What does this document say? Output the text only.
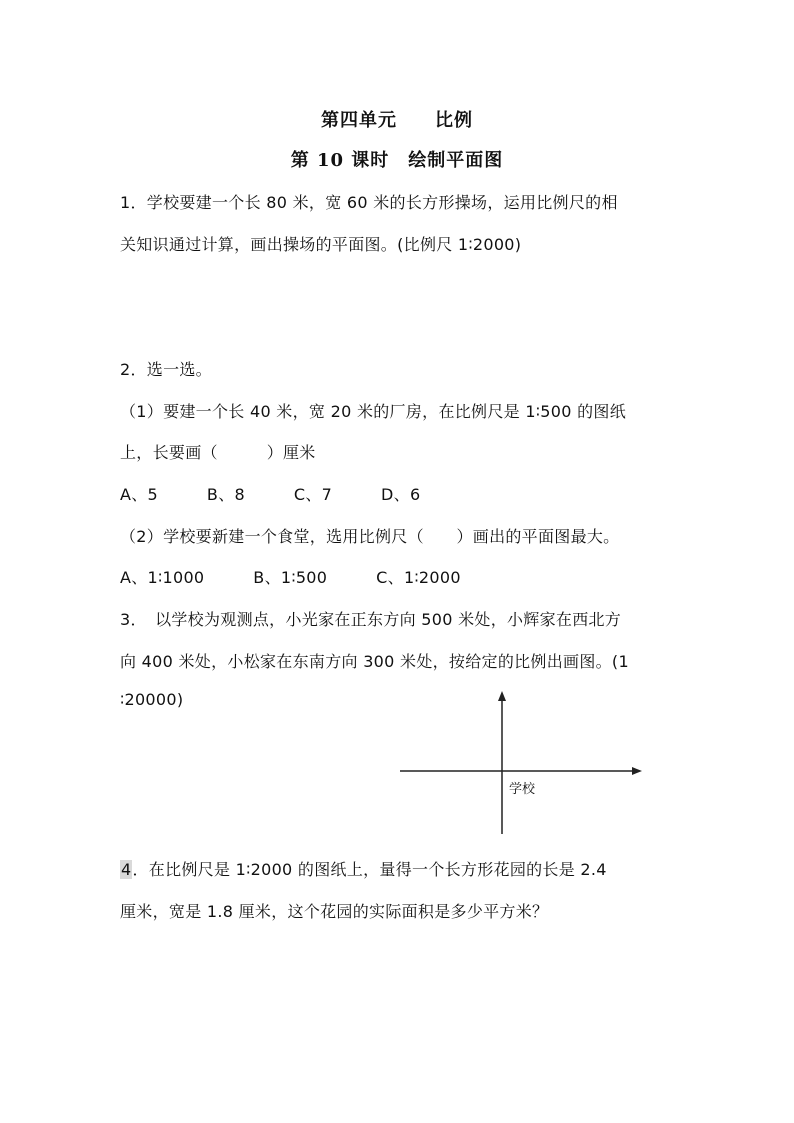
第四单元　　比例
第 10 课时　绘制平面图
1．学校要建一个长 80 米，宽 60 米的长方形操场，运用比例尺的相
关知识通过计算，画出操场的平面图。(比例尺 1∶2000)
2．选一选。
（1）要建一个长 40 米，宽 20 米的厂房，在比例尺是 1∶500 的图纸
上，长要画（　　　）厘米
A、5　　　B、8　　　C、7　　　D、6
（2）学校要新建一个食堂，选用比例尺（　　）画出的平面图最大。
A、1∶1000　　　B、1∶500　　　C、1∶2000
3．　以学校为观测点，小光家在正东方向 500 米处，小辉家在西北方
向 400 米处，小松家在东南方向 300 米处，按给定的比例出画图。(1
∶20000)
学校
4．在比例尺是 1∶2000 的图纸上，量得一个长方形花园的长是 2.4
厘米，宽是 1.8 厘米，这个花园的实际面积是多少平方米？
